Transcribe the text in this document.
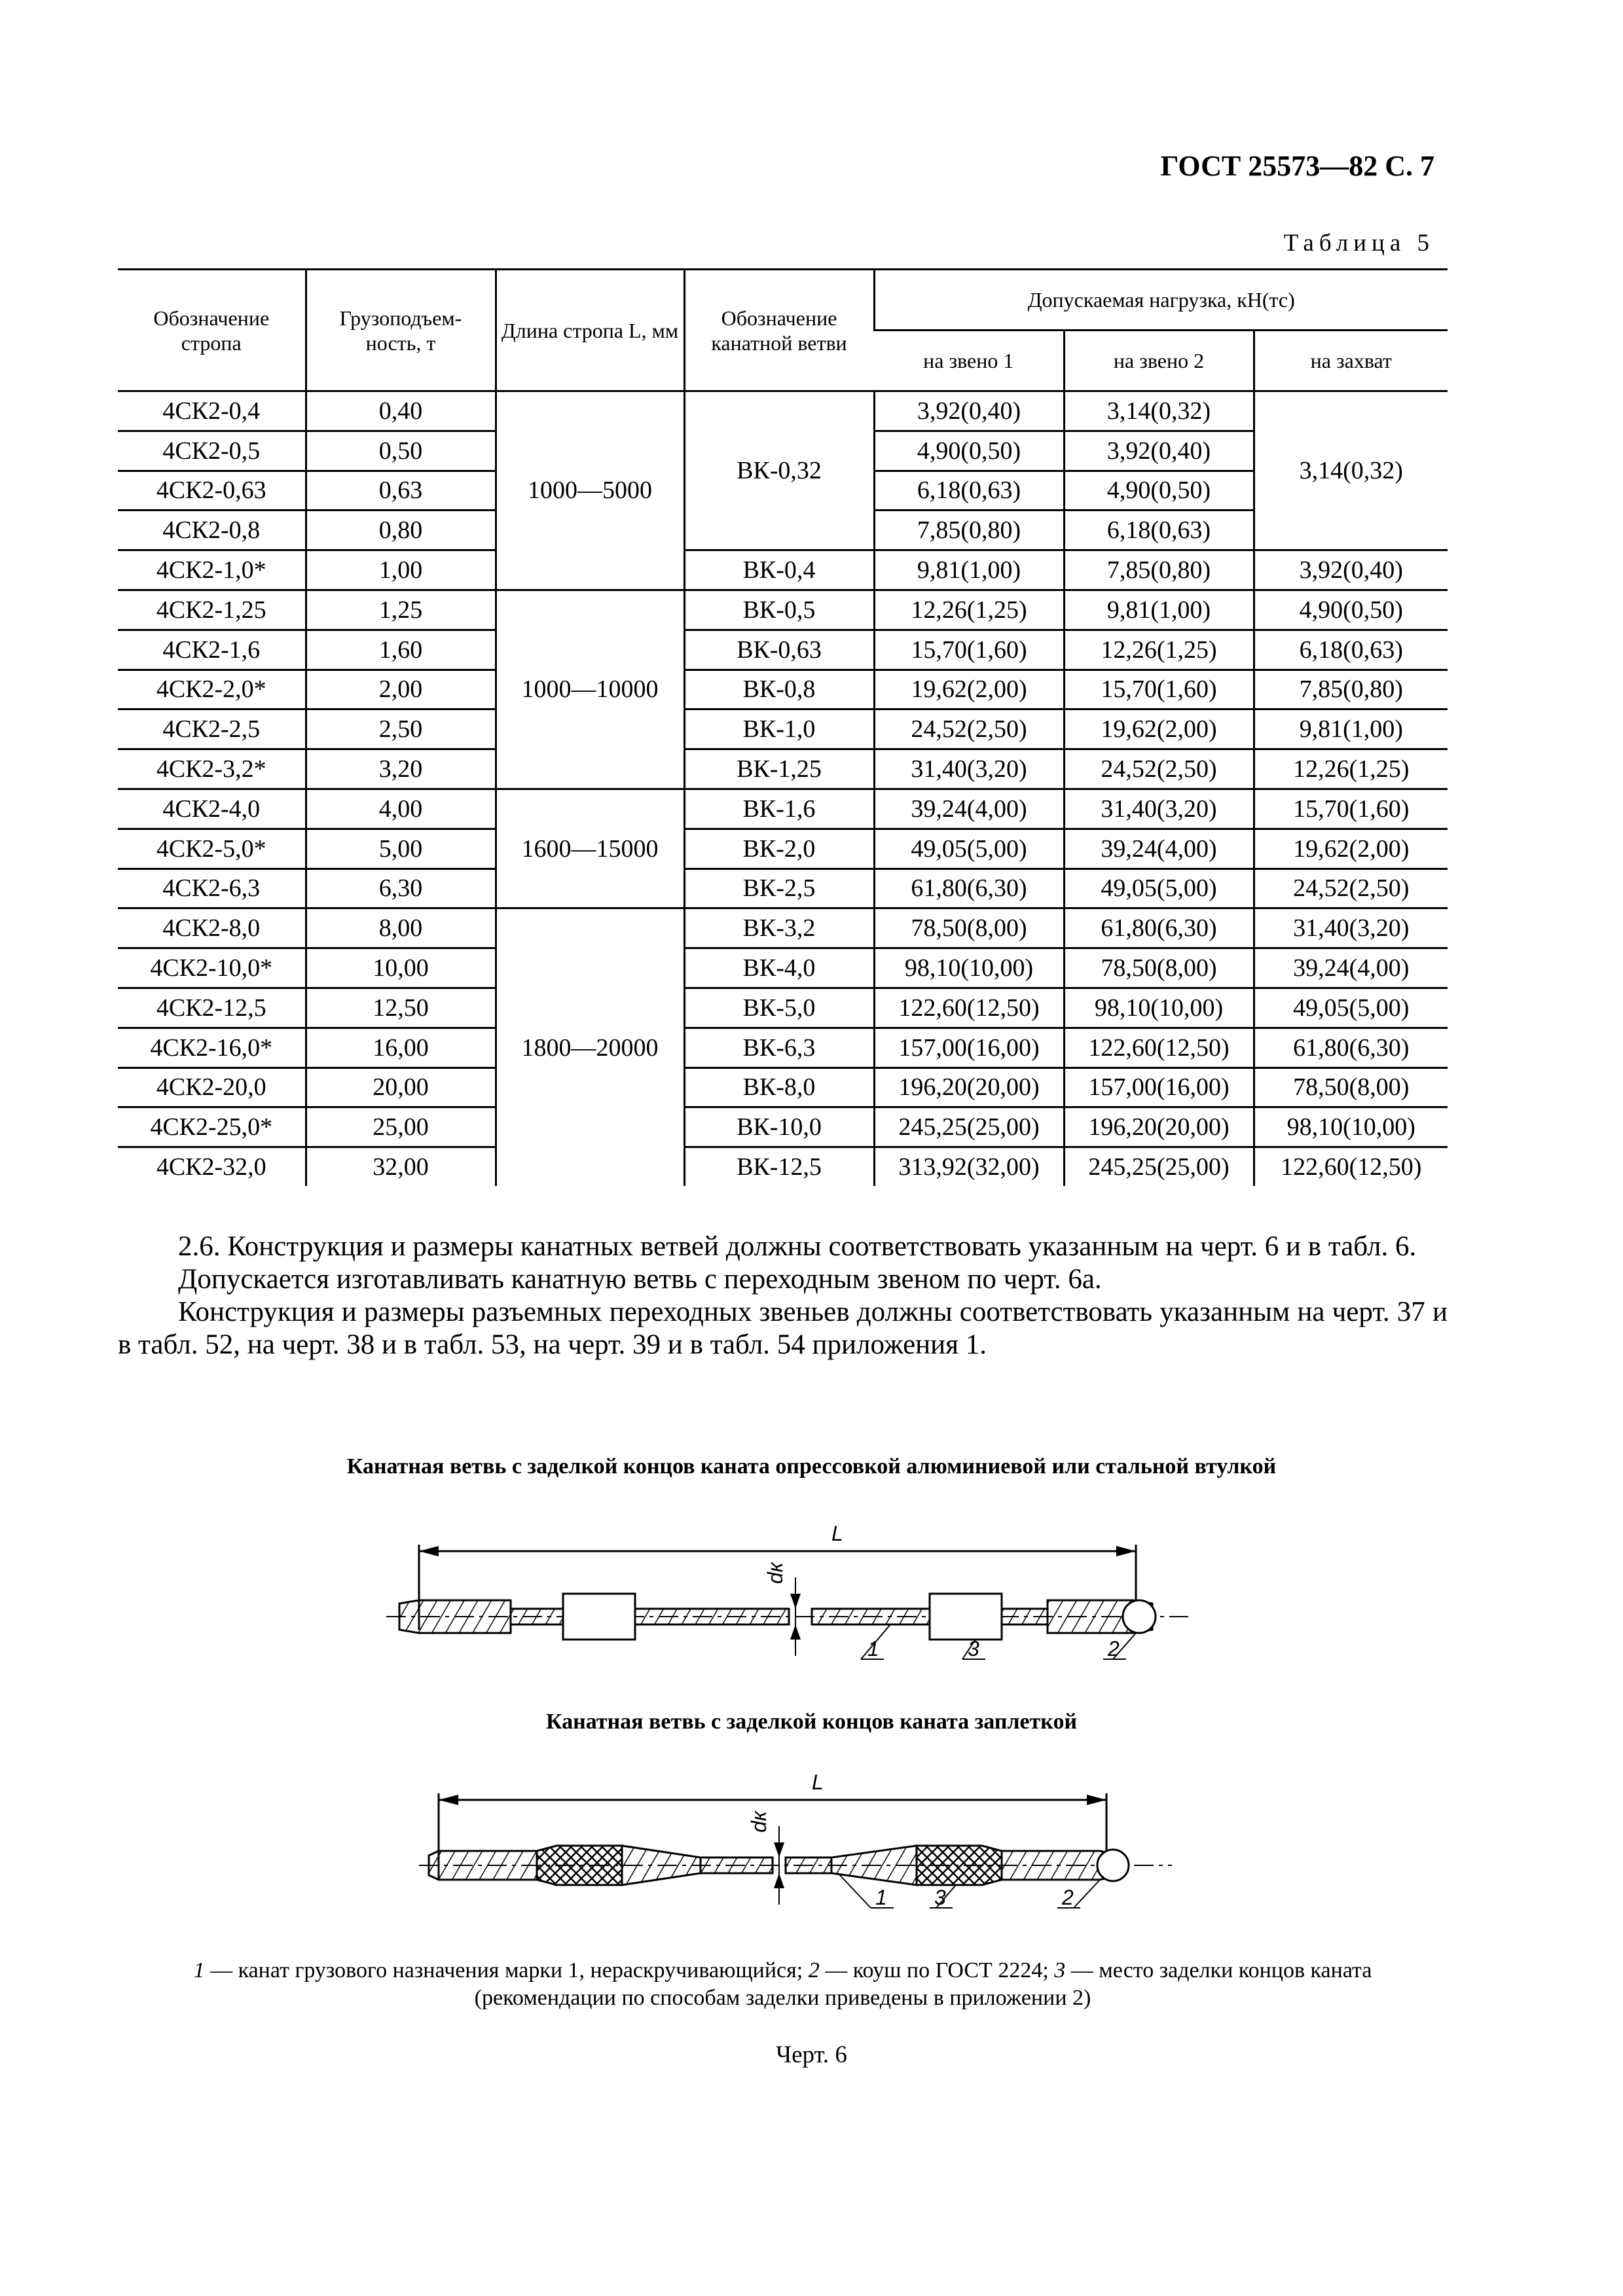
ГОСТ 25573—82 С. 7
Таблица 5
Обозначение стропа	Грузоподъем- ность, т	Длина стропа L, мм	Обозначение канатной ветви	Допускаемая нагрузка, кН(тс)		
				на звено 1	на звено 2	на захват
4СК2-0,4	0,40	1000—5000	ВК-0,32	3,92(0,40)	3,14(0,32)	3,14(0,32)
4СК2-0,5	0,50			4,90(0,50)	3,92(0,40)	
4СК2-0,63	0,63			6,18(0,63)	4,90(0,50)	
4СК2-0,8	0,80			7,85(0,80)	6,18(0,63)	
4СК2-1,0*	1,00		ВК-0,4	9,81(1,00)	7,85(0,80)	3,92(0,40)
4СК2-1,25	1,25	1000—10000	ВК-0,5	12,26(1,25)	9,81(1,00)	4,90(0,50)
4СК2-1,6	1,60		ВК-0,63	15,70(1,60)	12,26(1,25)	6,18(0,63)
4СК2-2,0*	2,00		ВК-0,8	19,62(2,00)	15,70(1,60)	7,85(0,80)
4СК2-2,5	2,50		ВК-1,0	24,52(2,50)	19,62(2,00)	9,81(1,00)
4СК2-3,2*	3,20		ВК-1,25	31,40(3,20)	24,52(2,50)	12,26(1,25)
4СК2-4,0	4,00	1600—15000	ВК-1,6	39,24(4,00)	31,40(3,20)	15,70(1,60)
4СК2-5,0*	5,00		ВК-2,0	49,05(5,00)	39,24(4,00)	19,62(2,00)
4СК2-6,3	6,30		ВК-2,5	61,80(6,30)	49,05(5,00)	24,52(2,50)
4СК2-8,0	8,00	1800—20000	ВК-3,2	78,50(8,00)	61,80(6,30)	31,40(3,20)
4СК2-10,0*	10,00		ВК-4,0	98,10(10,00)	78,50(8,00)	39,24(4,00)
4СК2-12,5	12,50		ВК-5,0	122,60(12,50)	98,10(10,00)	49,05(5,00)
4СК2-16,0*	16,00		ВК-6,3	157,00(16,00)	122,60(12,50)	61,80(6,30)
4СК2-20,0	20,00		ВК-8,0	196,20(20,00)	157,00(16,00)	78,50(8,00)
4СК2-25,0*	25,00		ВК-10,0	245,25(25,00)	196,20(20,00)	98,10(10,00)
4СК2-32,0	32,00		ВК-12,5	313,92(32,00)	245,25(25,00)	122,60(12,50)

2.6. Конструкция и размеры канатных ветвей должны соответствовать указанным на черт. 6 и в табл. 6.

Допускается изготавливать канатную ветвь с переходным звеном по черт. 6а.

Конструкция и размеры разъемных переходных звеньев должны соответствовать указанным на черт. 37 и в табл. 52, на черт. 38 и в табл. 53, на черт. 39 и в табл. 54 приложения 1.

Канатная ветвь с заделкой концов каната опрессовкой алюминиевой или стальной втулкой
L
dк
1	3	2
Канатная ветвь с заделкой концов каната заплеткой
L
dк
1 3	2
1 — канат грузового назначения марки 1, нераскручивающийся; 2 — коуш по ГОСТ 2224; 3 — место заделки концов каната
(рекомендации по способам заделки приведены в приложении 2)
Черт. 6
